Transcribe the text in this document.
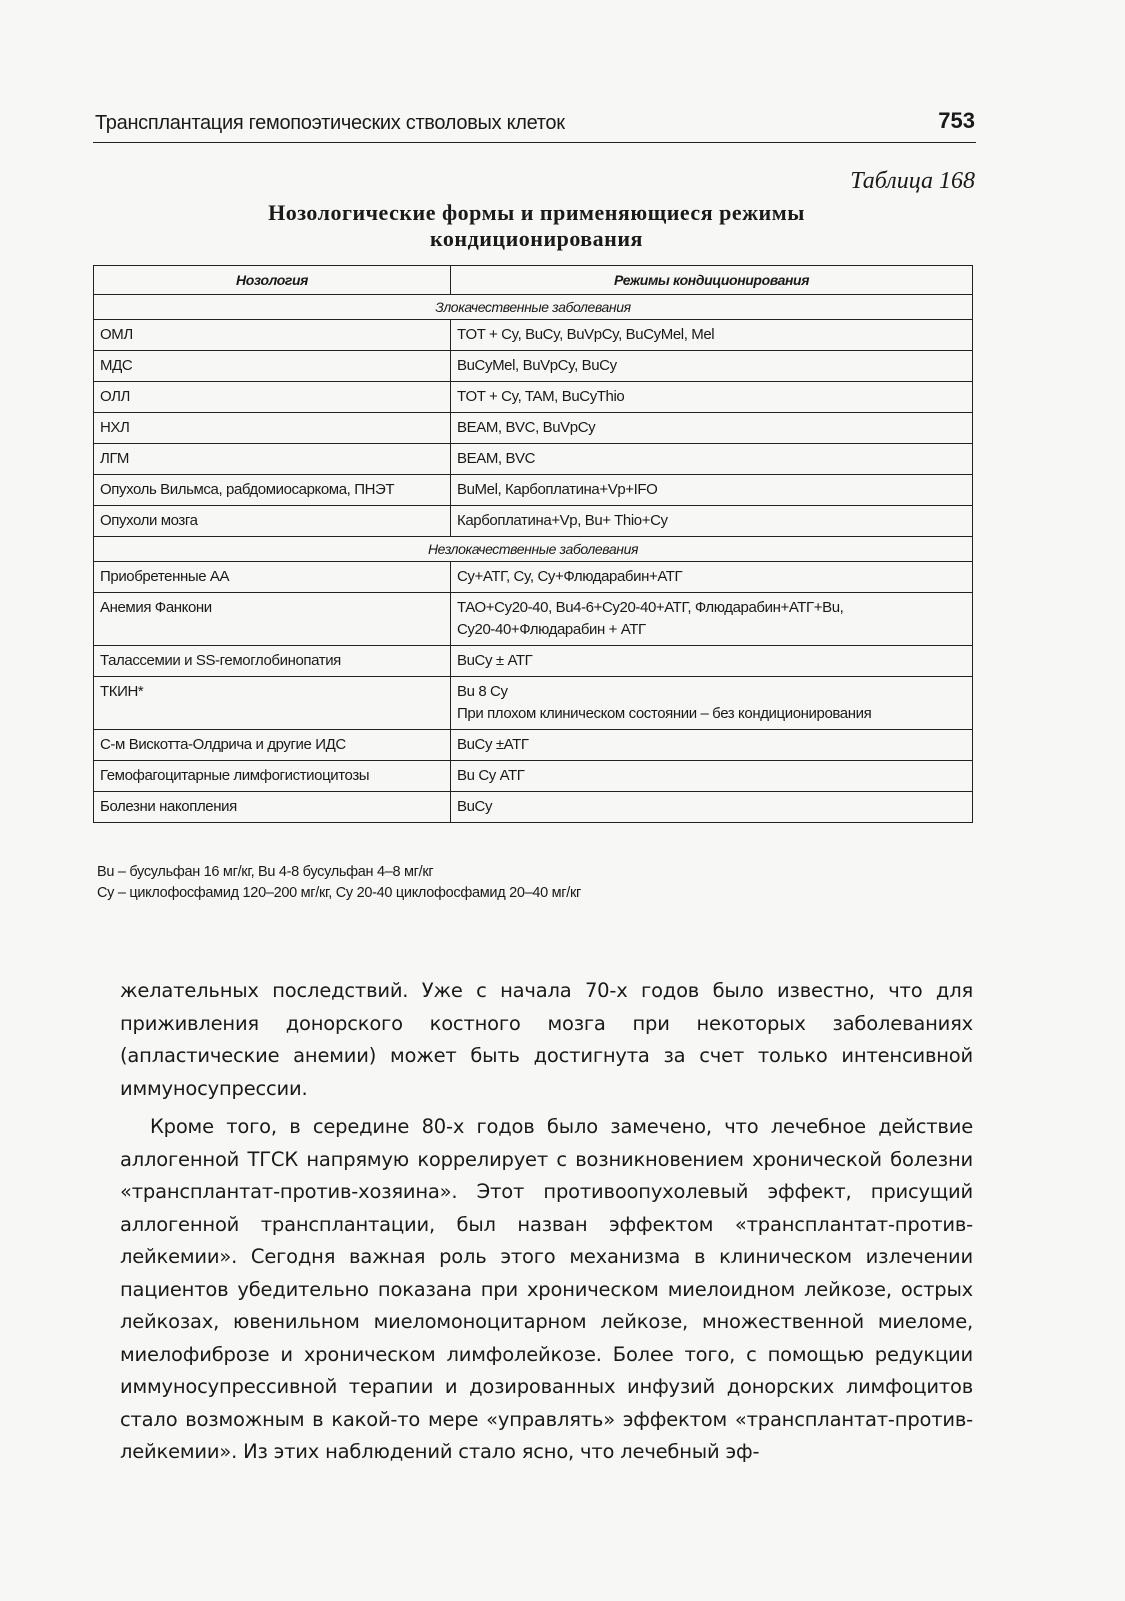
Трансплантация гемопоэтических стволовых клеток	753
Таблица 168
Нозологические формы и применяющиеся режимы
кондиционирования
Нозология	Режимы кондиционирования
Злокачественные заболевания	
ОМЛ	TOT + Cy, BuCy, BuVpCy, BuCyMel, Mel
МДС	BuCyMel, BuVpCy, BuCy
ОЛЛ	TOT + Cy, TAM, BuCyThio
НХЛ	BEAM, BVC, BuVpCy
ЛГМ	BEAM, BVC
Опухоль Вильмса, рабдомиосаркома, ПНЭТ	BuMel, Карбоплатина+Vp+IFO
Опухоли мозга	Карбоплатина+Vp, Bu+ Thio+Cy
Незлокачественные заболевания	
Приобретенные АА	Cy+АТГ, Cy, Cy+Флюдарабин+АТГ

Анемия Фанкони	ТАО+Cy20-40, Bu4-6+Cy20-40+АТГ, Флюдарабин+АТГ+Bu,
Cy20-40+Флюдарабин + АТГ

Талассемии и SS-гемоглобинопатия	BuCy ± АТГ

ТКИН*	Bu 8 Cy
При плохом клиническом состоянии – без кондиционирования

С-м Вискотта-Олдрича и другие ИДС	BuCy ±АТГ

Гемофагоцитарные лимфогистиоцитозы	Bu Cy АТГ

Болезни накопления	BuCy

Bu – бусульфан 16 мг/кг, Bu 4-8 бусульфан 4–8 мг/кг

Cy – циклофосфамид 120–200 мг/кг, Cy 20-40 циклофосфамид 20–40 мг/кг

желательных последствий. Уже с начала 70-х годов было известно, что для приживления донорского костного мозга при некоторых заболеваниях (апластические анемии) может быть достигнута за счет только интенсивной иммуносупрессии.

Кроме того, в середине 80-х годов было замечено, что лечебное действие аллогенной ТГСК напрямую коррелирует с возникновением хронической болезни «трансплантат-против-хозяина». Этот противоопухолевый эффект, присущий аллогенной трансплантации, был назван эффектом «трансплантат-против-лейкемии». Сегодня важная роль этого механизма в клиническом излечении пациентов убедительно показана при хроническом миелоидном лейкозе, острых лейкозах, ювенильном миеломоноцитарном лейкозе, множественной миеломе, миелофиброзе и хроническом лимфолейкозе. Более того, с помощью редукции иммуносупрессивной терапии и дозированных инфузий донорских лимфоцитов стало возможным в какой-то мере «управлять» эффектом «трансплантат-против-лейкемии». Из этих наблюдений стало ясно, что лечебный эф-
